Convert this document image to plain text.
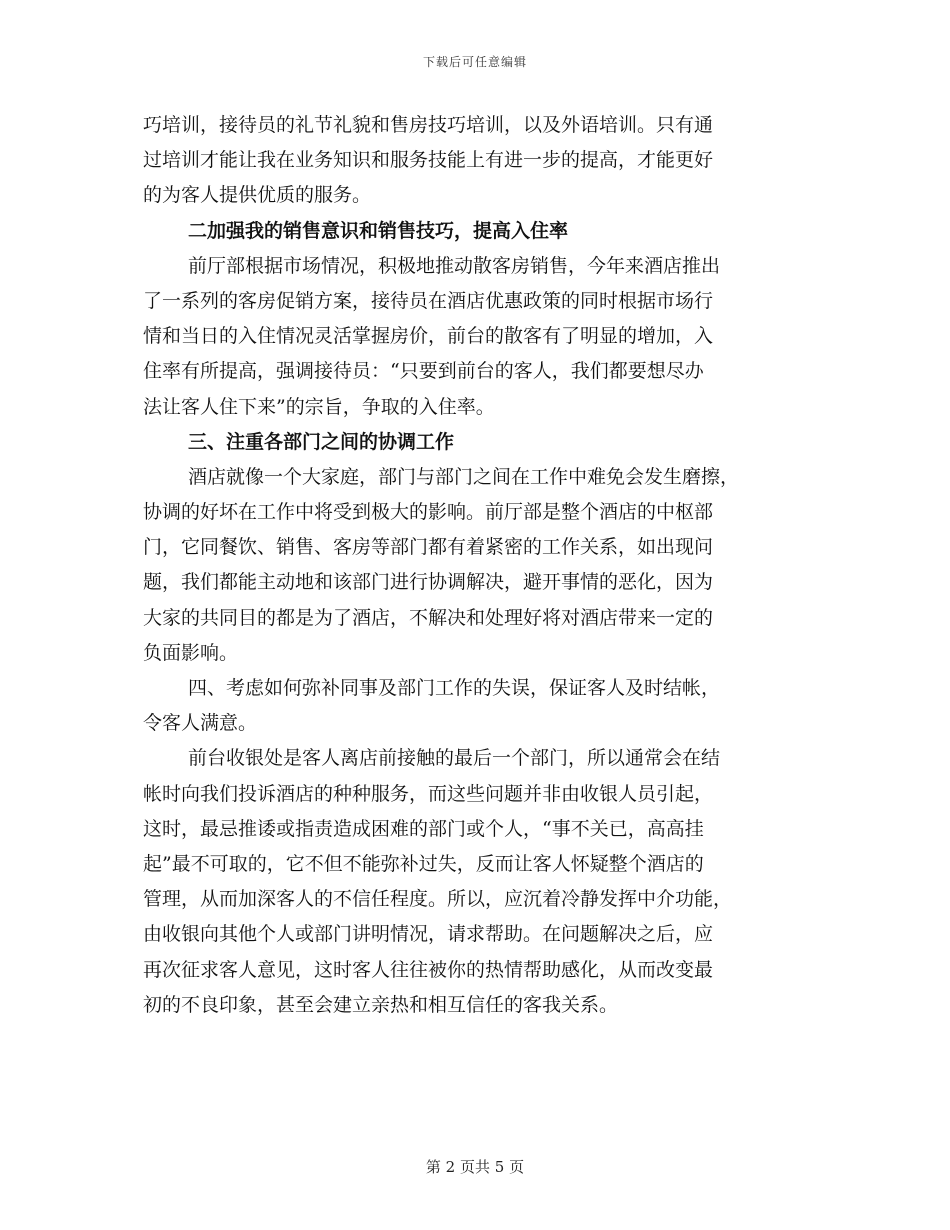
下载后可任意编辑
巧培训，接待员的礼节礼貌和售房技巧培训，以及外语培训。只有通
过培训才能让我在业务知识和服务技能上有进一步的提高，才能更好
的为客人提供优质的服务。
二加强我的销售意识和销售技巧，提高入住率
前厅部根据市场情况，积极地推动散客房销售，今年来酒店推出
了一系列的客房促销方案，接待员在酒店优惠政策的同时根据市场行
情和当日的入住情况灵活掌握房价，前台的散客有了明显的增加，入
住率有所提高，强调接待员：“只要到前台的客人，我们都要想尽办
法让客人住下来”的宗旨，争取的入住率。
三、注重各部门之间的协调工作
酒店就像一个大家庭，部门与部门之间在工作中难免会发生磨擦，
协调的好坏在工作中将受到极大的影响。前厅部是整个酒店的中枢部
门，它同餐饮、销售、客房等部门都有着紧密的工作关系，如出现问
题，我们都能主动地和该部门进行协调解决，避开事情的恶化，因为
大家的共同目的都是为了酒店，不解决和处理好将对酒店带来一定的
负面影响。
四、考虑如何弥补同事及部门工作的失误，保证客人及时结帐，
令客人满意。
前台收银处是客人离店前接触的最后一个部门，所以通常会在结
帐时向我们投诉酒店的种种服务，而这些问题并非由收银人员引起，
这时，最忌推诿或指责造成困难的部门或个人，“事不关已，高高挂
起”最不可取的，它不但不能弥补过失，反而让客人怀疑整个酒店的
管理，从而加深客人的不信任程度。所以，应沉着冷静发挥中介功能，
由收银向其他个人或部门讲明情况，请求帮助。在问题解决之后，应
再次征求客人意见，这时客人往往被你的热情帮助感化，从而改变最
初的不良印象，甚至会建立亲热和相互信任的客我关系。
第 2 页共 5 页
